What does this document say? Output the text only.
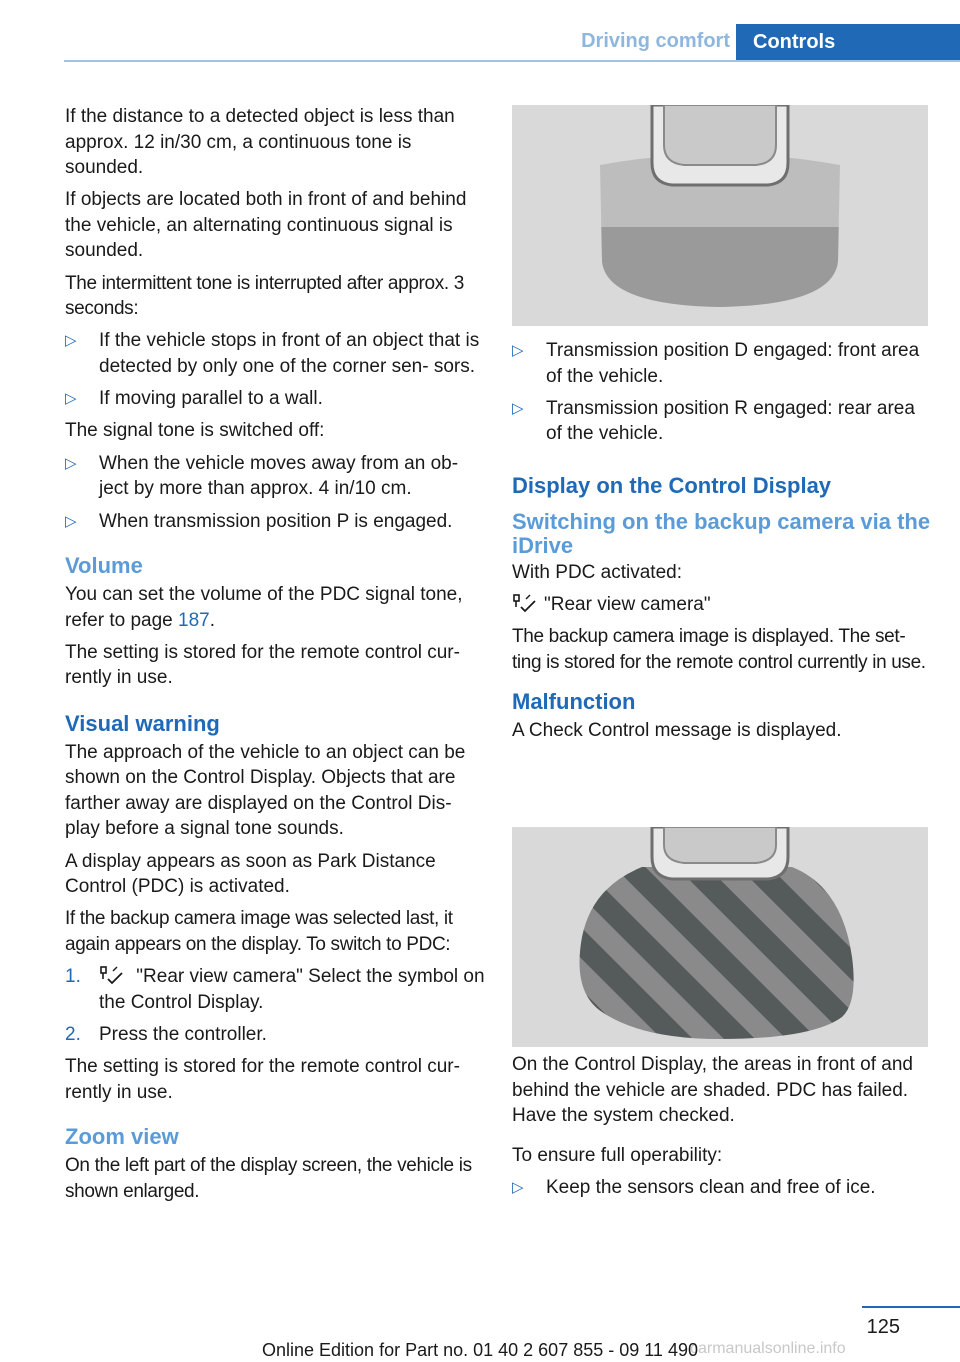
Driving comfort	Controls

If the distance to a detected object is less than approx. 12 in/30 cm, a continuous tone is sounded.

If objects are located both in front of and behind the vehicle, an alternating continuous signal is sounded.

The intermittent tone is interrupted after approx. 3 seconds:

▷ If the vehicle stops in front of an object that is detected by only one of the corner sen‐ sors.
▷ If moving parallel to a wall.

The signal tone is switched off:

▷ When the vehicle moves away from an ob‐ ject by more than approx. 4 in/10 cm.
▷ When transmission position P is engaged.
Volume

You can set the volume of the PDC signal tone, refer to page 187.

The setting is stored for the remote control cur‐ rently in use.

Visual warning

The approach of the vehicle to an object can be shown on the Control Display. Objects that are farther away are displayed on the Control Dis‐ play before a signal tone sounds.

A display appears as soon as Park Distance Control (PDC) is activated.

If the backup camera image was selected last, it again appears on the display. To switch to PDC:

1.	"Rear view camera" Select the symbol on the Control Display.
2. Press the controller.

The setting is stored for the remote control cur‐ rently in use.

Zoom view

On the left part of the display screen, the vehicle is shown enlarged.

▷ Transmission position D engaged: front area of the vehicle.
▷ Transmission position R engaged: rear area of the vehicle.
Display on the Control Display
Switching on the backup camera via the iDrive

With PDC activated:

"Rear view camera"

The backup camera image is displayed. The set‐ ting is stored for the remote control currently in use.

Malfunction

A Check Control message is displayed.

On the Control Display, the areas in front of and behind the vehicle are shaded. PDC has failed. Have the system checked.

To ensure full operability:

▷ Keep the sensors clean and free of ice.
125
carmanualsonline.info
Online Edition for Part no. 01 40 2 607 855 - 09 11 490
